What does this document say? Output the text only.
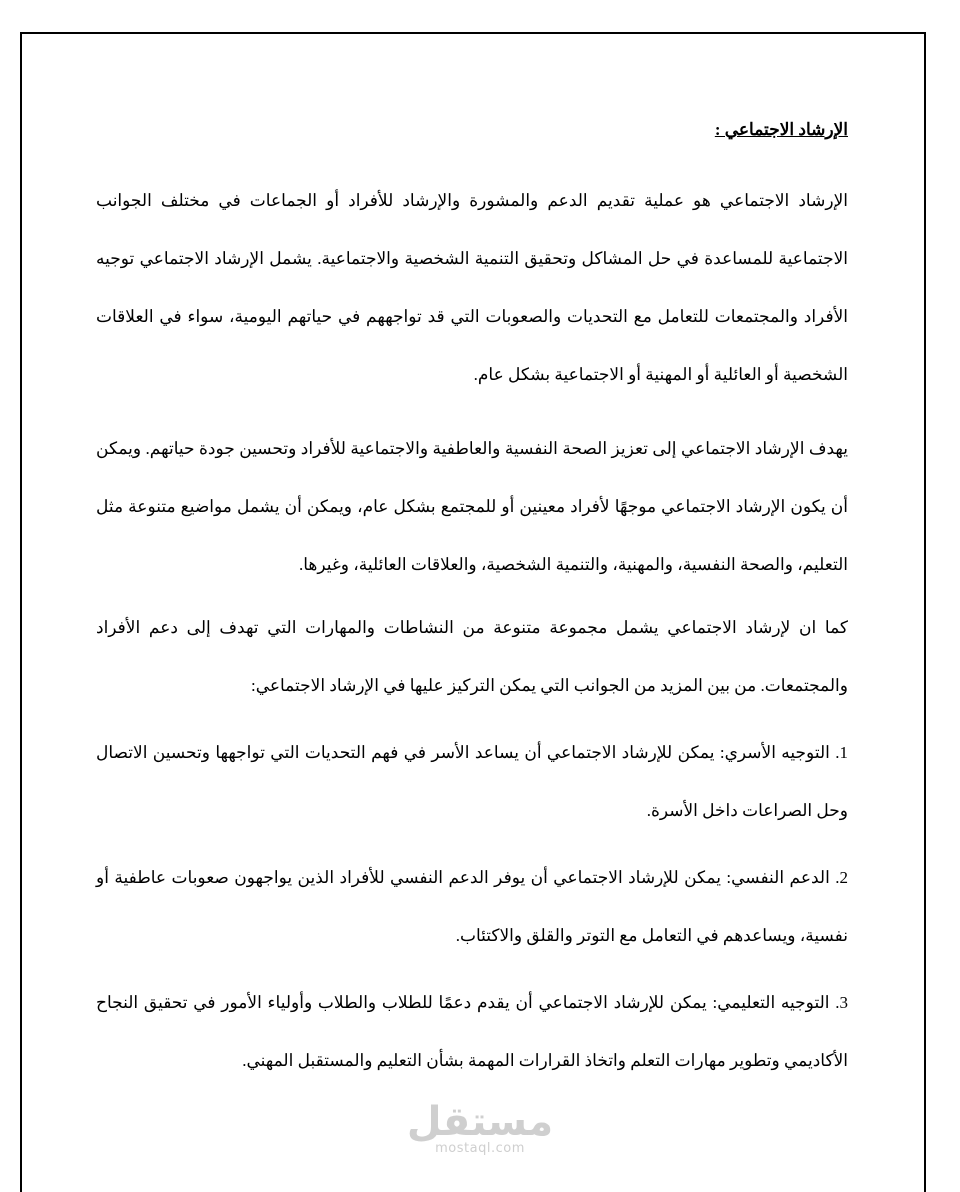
الإرشاد الاجتماعي :

الإرشاد الاجتماعي هو عملية تقديم الدعم والمشورة والإرشاد للأفراد أو الجماعات في مختلف الجوانب الاجتماعية للمساعدة في حل المشاكل وتحقيق التنمية الشخصية والاجتماعية. يشمل الإرشاد الاجتماعي توجيه الأفراد والمجتمعات للتعامل مع التحديات والصعوبات التي قد تواجههم في حياتهم اليومية، سواء في العلاقات الشخصية أو العائلية أو المهنية أو الاجتماعية بشكل عام.

يهدف الإرشاد الاجتماعي إلى تعزيز الصحة النفسية والعاطفية والاجتماعية للأفراد وتحسين جودة حياتهم. ويمكن أن يكون الإرشاد الاجتماعي موجهًا لأفراد معينين أو للمجتمع بشكل عام، ويمكن أن يشمل مواضيع متنوعة مثل التعليم، والصحة النفسية، والمهنية، والتنمية الشخصية، والعلاقات العائلية، وغيرها.

كما ان لإرشاد الاجتماعي يشمل مجموعة متنوعة من النشاطات والمهارات التي تهدف إلى دعم الأفراد والمجتمعات. من بين المزيد من الجوانب التي يمكن التركيز عليها في الإرشاد الاجتماعي:

1. التوجيه الأسري: يمكن للإرشاد الاجتماعي أن يساعد الأسر في فهم التحديات التي تواجهها وتحسين الاتصال وحل الصراعات داخل الأسرة.

2. الدعم النفسي: يمكن للإرشاد الاجتماعي أن يوفر الدعم النفسي للأفراد الذين يواجهون صعوبات عاطفية أو نفسية، ويساعدهم في التعامل مع التوتر والقلق والاكتئاب.

3. التوجيه التعليمي: يمكن للإرشاد الاجتماعي أن يقدم دعمًا للطلاب والطلاب وأولياء الأمور في تحقيق النجاح الأكاديمي وتطوير مهارات التعلم واتخاذ القرارات المهمة بشأن التعليم والمستقبل المهني.

مستقل
mostaql.com
